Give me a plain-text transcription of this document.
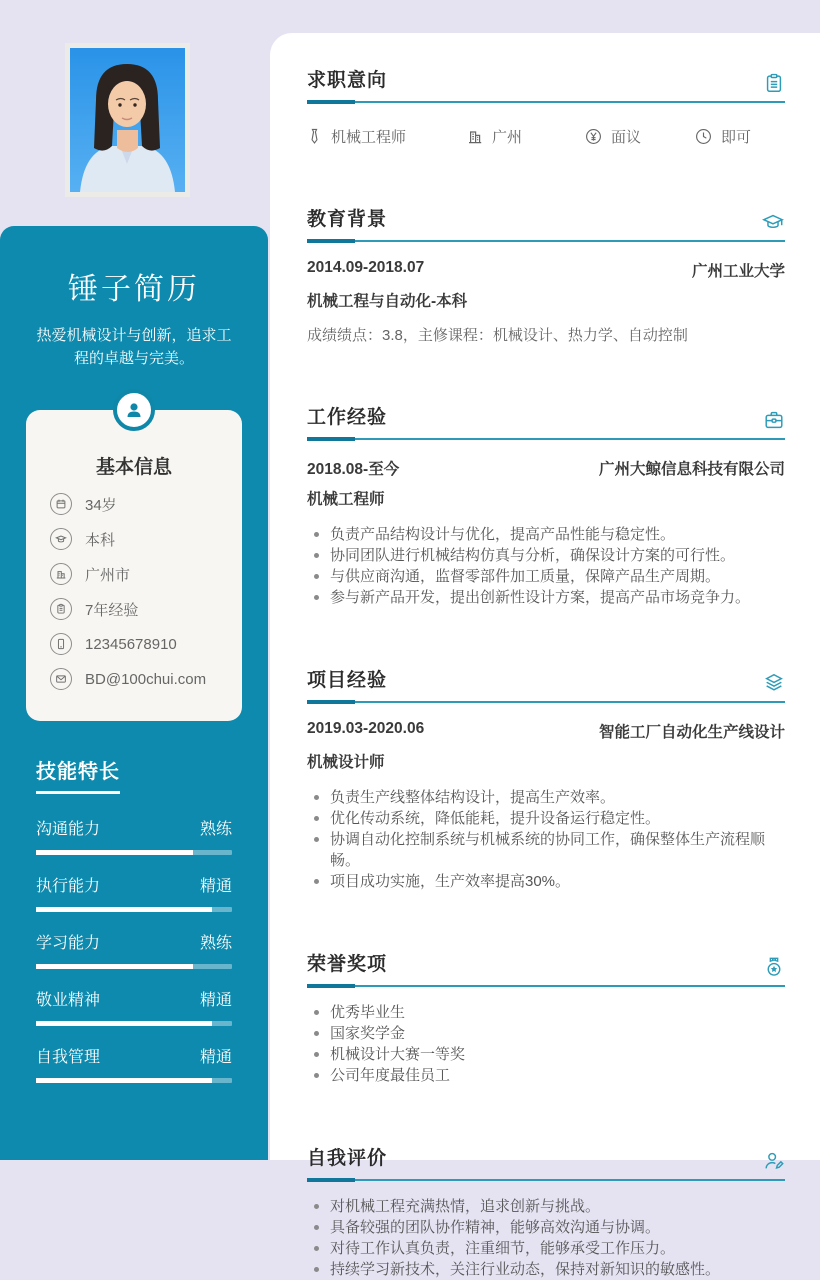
锤子简历

热爱机械设计与创新，追求工程的卓越与完美。

基本信息
34岁
本科
广州市
7年经验
12345678910
BD@100chui.com
技能特长
沟通能力	熟练
执行能力	精通
学习能力	熟练
敬业精神	精通
自我管理	精通
求职意向
机械工程师	广州	面议	即可
教育背景
2014.09-2018.07	广州工业大学
机械工程与自动化-本科
成绩绩点：3.8，主修课程：机械设计、热力学、自动控制
工作经验
2018.08-至今	广州大鲸信息科技有限公司
机械工程师
负责产品结构设计与优化，提高产品性能与稳定性。
协同团队进行机械结构仿真与分析，确保设计方案的可行性。
与供应商沟通，监督零部件加工质量，保障产品生产周期。
参与新产品开发，提出创新性设计方案，提高产品市场竞争力。
项目经验
2019.03-2020.06	智能工厂自动化生产线设计
机械设计师
负责生产线整体结构设计，提高生产效率。
优化传动系统，降低能耗，提升设备运行稳定性。
协调自动化控制系统与机械系统的协同工作，确保整体生产流程顺畅。
项目成功实施，生产效率提高30%。
荣誉奖项
优秀毕业生
国家奖学金
机械设计大赛一等奖
公司年度最佳员工
自我评价
对机械工程充满热情，追求创新与挑战。
具备较强的团队协作精神，能够高效沟通与协调。
对待工作认真负责，注重细节，能够承受工作压力。
持续学习新技术，关注行业动态，保持对新知识的敏感性。
